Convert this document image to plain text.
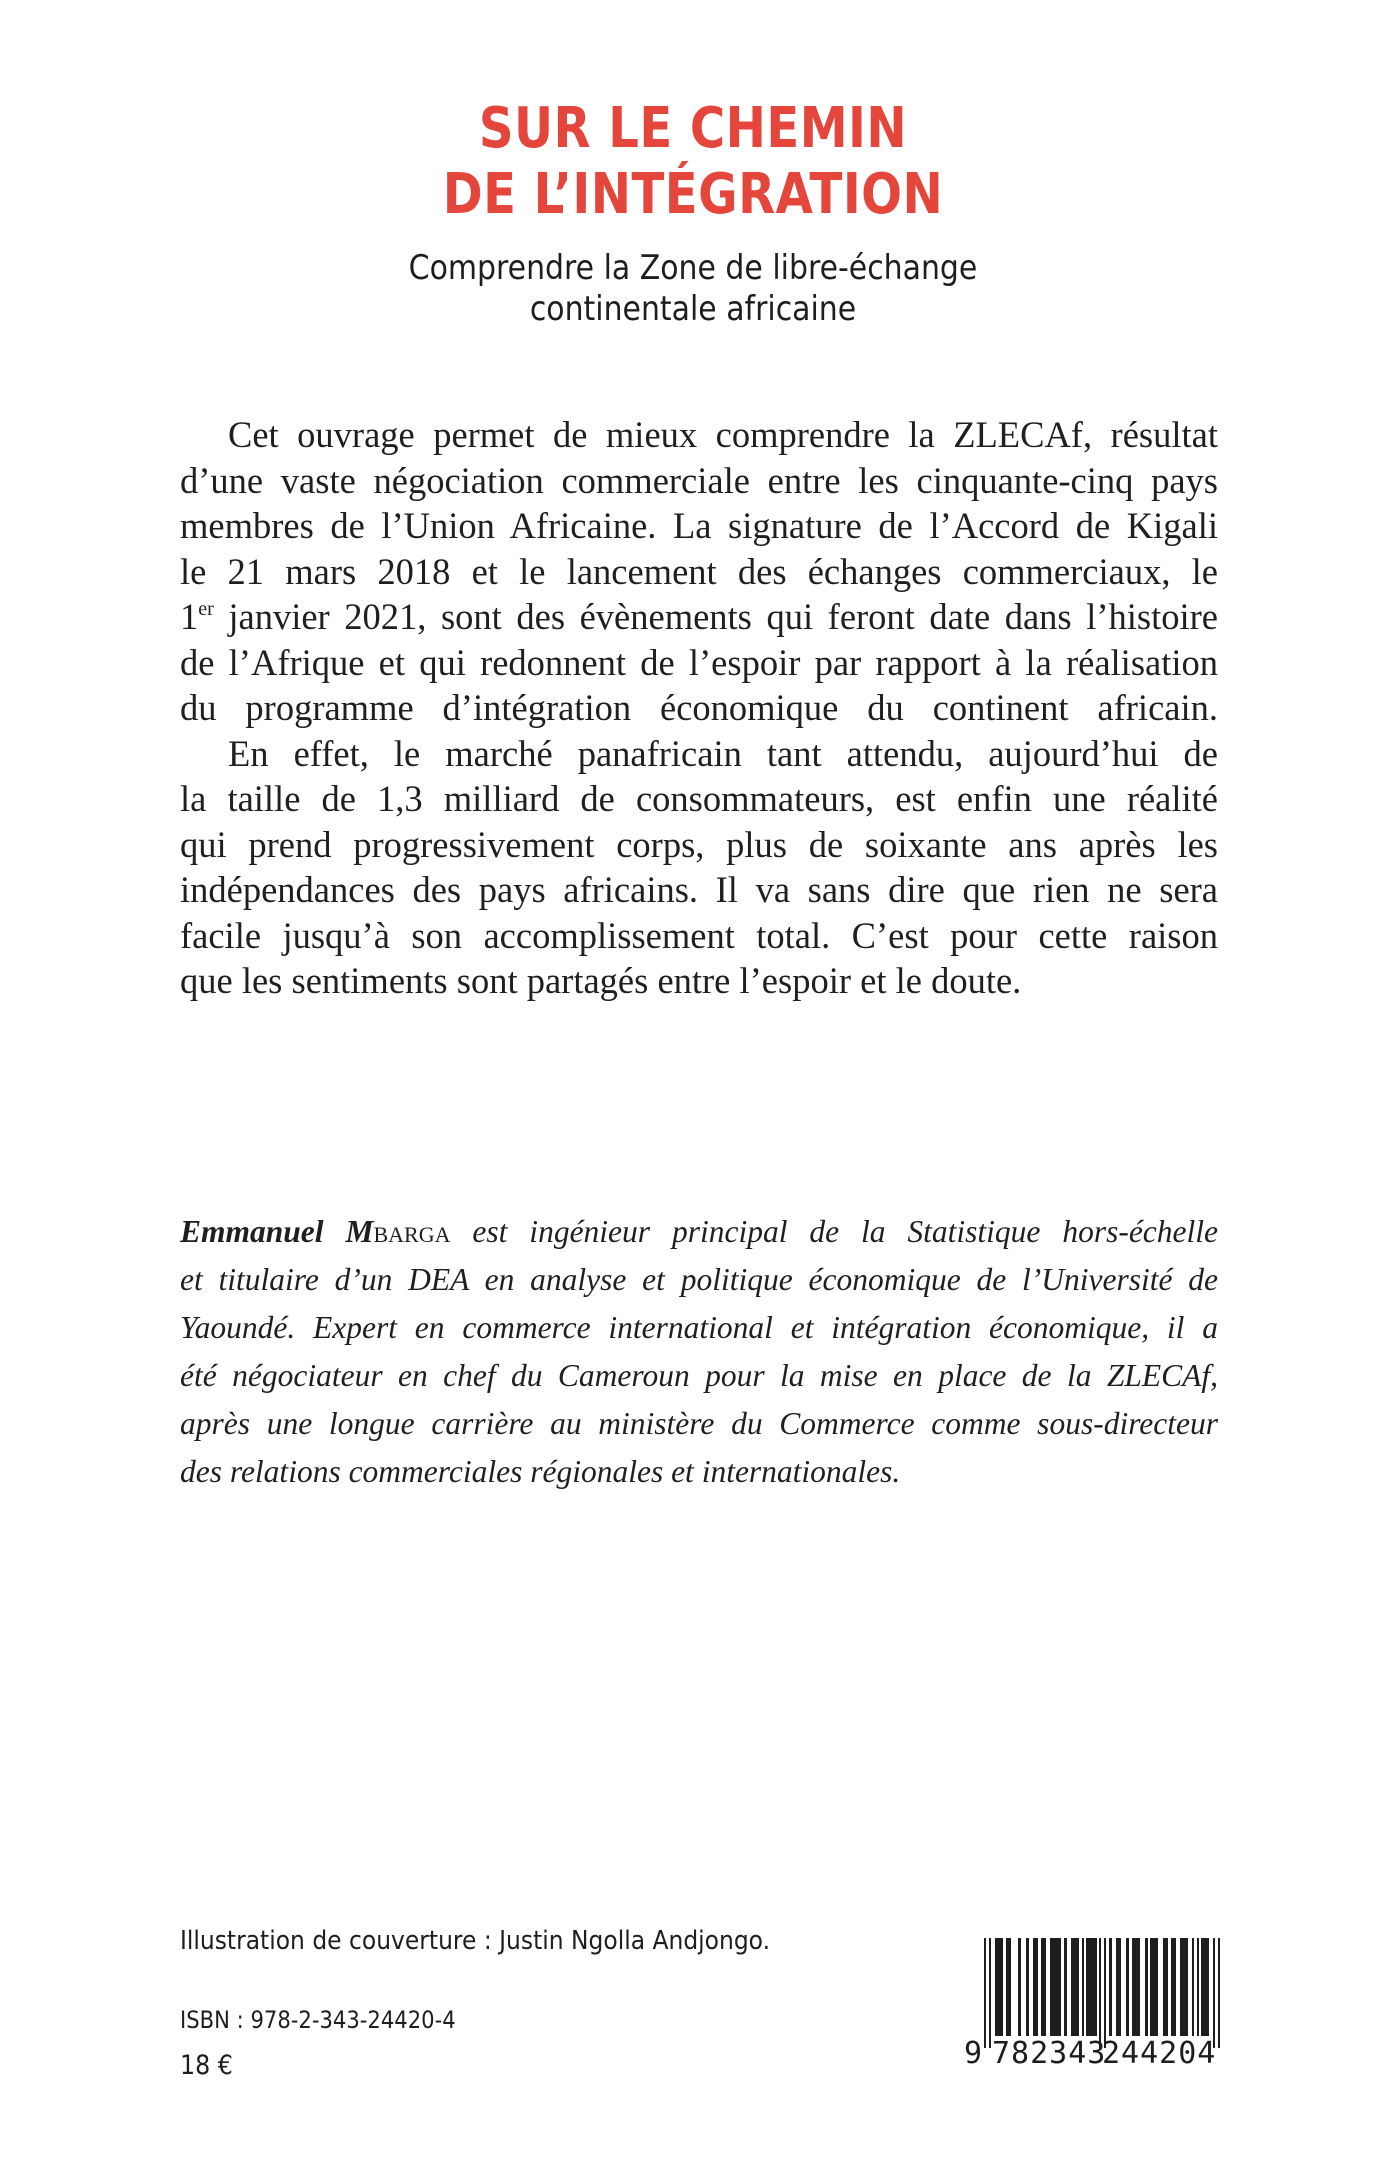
SUR LE CHEMIN
DE L’INTÉGRATION
Comprendre la Zone de libre-échange
continentale africaine
Cet ouvrage permet de mieux comprendre la ZLECAf, résultat
d’une vaste négociation commerciale entre les cinquante-cinq pays
membres de l’Union Africaine. La signature de l’Accord de Kigali
le 21 mars 2018 et le lancement des échanges commerciaux, le
1er janvier 2021, sont des évènements qui feront date dans l’histoire
de l’Afrique et qui redonnent de l’espoir par rapport à la réalisation
du programme d’intégration économique du continent africain.
En effet, le marché panafricain tant attendu, aujourd’hui de
la taille de 1,3 milliard de consommateurs, est enfin une réalité
qui prend progressivement corps, plus de soixante ans après les
indépendances des pays africains. Il va sans dire que rien ne sera
facile jusqu’à son accomplissement total. C’est pour cette raison
que les sentiments sont partagés entre l’espoir et le doute.
Emmanuel Mbarga est ingénieur principal de la Statistique hors-échelle
et titulaire d’un DEA en analyse et politique économique de l’Université de
Yaoundé. Expert en commerce international et intégration économique, il a
été négociateur en chef du Cameroun pour la mise en place de la ZLECAf,
après une longue carrière au ministère du Commerce comme sous-directeur
des relations commerciales régionales et internationales.
Illustration de couverture : Justin Ngolla Andjongo.
ISBN : 978-2-343-24420-4
18 €	9 782343
244204
